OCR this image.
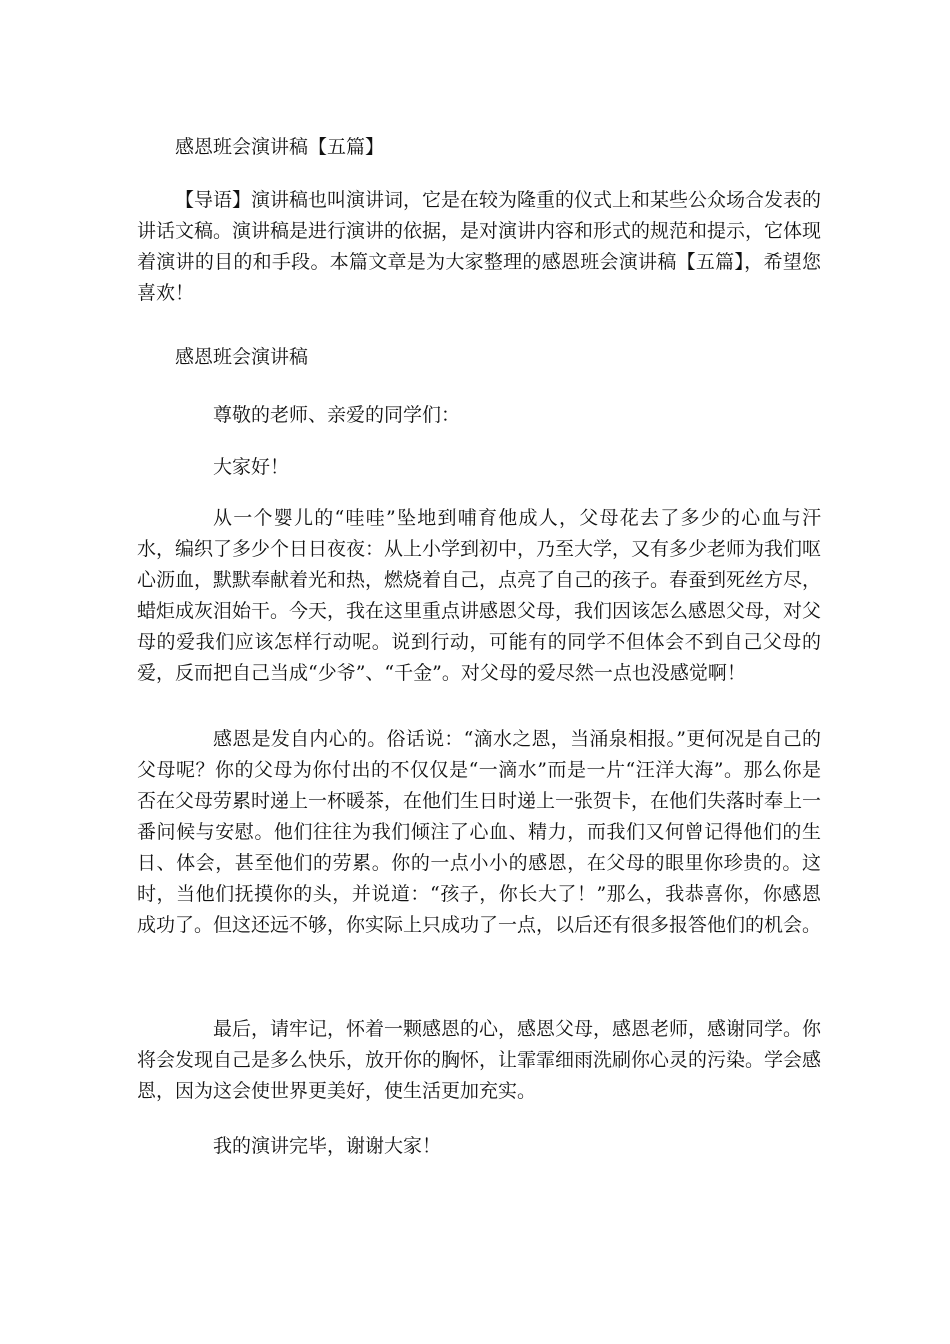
感恩班会演讲稿【五篇】

【导语】演讲稿也叫演讲词，它是在较为隆重的仪式上和某些公众场合发表的讲话文稿。演讲稿是进行演讲的依据，是对演讲内容和形式的规范和提示，它体现着演讲的目的和手段。本篇文章是为大家整理的感恩班会演讲稿【五篇】，希望您喜欢！

感恩班会演讲稿

尊敬的老师、亲爱的同学们：

大家好！

从一个婴儿的“哇哇”坠地到哺育他成人，父母花去了多少的心血与汗水，编织了多少个日日夜夜：从上小学到初中，乃至大学，又有多少老师为我们呕心沥血，默默奉献着光和热，燃烧着自己，点亮了自己的孩子。春蚕到死丝方尽，蜡炬成灰泪始干。今天，我在这里重点讲感恩父母，我们因该怎么感恩父母，对父母的爱我们应该怎样行动呢。说到行动，可能有的同学不但体会不到自己父母的爱，反而把自己当成“少爷”、“千金”。对父母的爱尽然一点也没感觉啊！

感恩是发自内心的。俗话说：“滴水之恩，当涌泉相报。”更何况是自己的父母呢？你的父母为你付出的不仅仅是“一滴水”而是一片“汪洋大海”。那么你是否在父母劳累时递上一杯暖茶，在他们生日时递上一张贺卡，在他们失落时奉上一番问候与安慰。他们往往为我们倾注了心血、精力，而我们又何曾记得他们的生日、体会，甚至他们的劳累。你的一点小小的感恩，在父母的眼里你珍贵的。这时，当他们抚摸你的头，并说道：“孩子，你长大了！”那么，我恭喜你，你感恩成功了。但这还远不够，你实际上只成功了一点，以后还有很多报答他们的机会。

最后，请牢记，怀着一颗感恩的心，感恩父母，感恩老师，感谢同学。你将会发现自己是多么快乐，放开你的胸怀，让霏霏细雨洗刷你心灵的污染。学会感恩，因为这会使世界更美好，使生活更加充实。

我的演讲完毕，谢谢大家！
